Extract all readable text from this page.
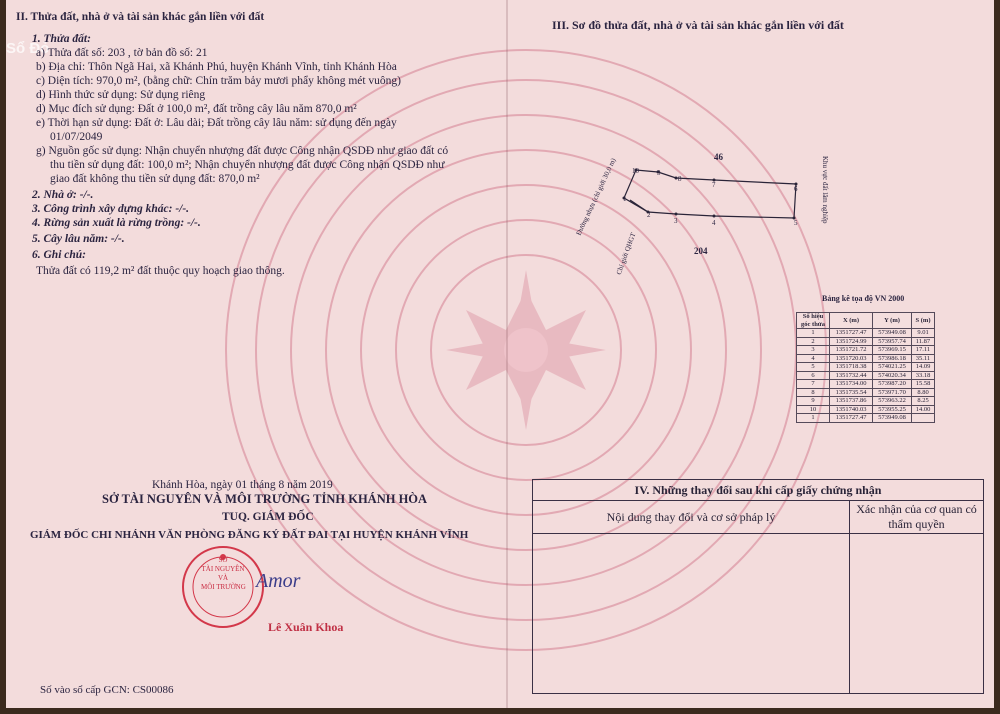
Sổ Đỏ
II. Thửa đất, nhà ở và tài sản khác gắn liền với đất
1. Thửa đất:
a) Thửa đất số: 203 , tờ bản đồ số: 21
b) Địa chỉ: Thôn Ngã Hai, xã Khánh Phú, huyện Khánh Vĩnh, tỉnh Khánh Hòa
c) Diện tích: 970,0 m², (bằng chữ: Chín trăm bảy mươi phẩy không mét vuông)
d) Hình thức sử dụng: Sử dụng riêng
d) Mục đích sử dụng: Đất ở 100,0 m², đất trồng cây lâu năm 870,0 m²
e) Thời hạn sử dụng: Đất ở: Lâu dài; Đất trồng cây lâu năm: sử dụng đến ngày
01/07/2049
g) Nguồn gốc sử dụng: Nhận chuyển nhượng đất được Công nhận QSDĐ như giao đất có
thu tiền sử dụng đất: 100,0 m²; Nhận chuyển nhượng đất được Công nhận QSDĐ như
giao đất không thu tiền sử dụng đất: 870,0 m²
2. Nhà ở: -/-.
3. Công trình xây dựng khác: -/-.
4. Rừng sản xuất là rừng trồng: -/-.
5. Cây lâu năm: -/-.
6. Ghi chú:
Thửa đất có 119,2 m² đất thuộc quy hoạch giao thông.
Khánh Hòa, ngày 01 tháng 8 năm 2019
SỞ TÀI NGUYÊN VÀ MÔI TRƯỜNG TỈNH KHÁNH HÒA
TUQ. GIÁM ĐỐC
GIÁM ĐỐC CHI NHÁNH VĂN PHÒNG ĐĂNG KÝ ĐẤT ĐAI TẠI HUYỆN KHÁNH VĨNH
SỞ
TÀI NGUYÊN
VÀ
MÔI TRƯỜNG Amor
Lê Xuân Khoa
Số vào sổ cấp GCN: CS00086
III. Sơ đồ thửa đất, nhà ở và tài sản khác gắn liền với đất
1
2
3	4	5
6
7
8
9
10
46
204
Đường nhựa (chỉ giới 30,0 m)
Chỉ giới QHGT
Khu vực đất lâm nghiệp
Bảng kê tọa độ VN 2000
Số hiệu góc thửa	X (m)	Y (m)	S (m)
1	1351727.47	573949.08	9.01
2	1351724.99	573957.74	11.87
3	1351721.72	573969.15	17.11
4	1351720.03	573986.18	35.11
5	1351718.38	574021.25	14.09
6	1351732.44	574020.34	33.18
7	1351734.00	573987.20	15.58
8	1351735.54	573971.70	8.80
9	1351737.86	573963.22	8.25
10	1351740.03	573955.25	14.00
1	1351727.47	573949.08	
IV. Những thay đổi sau khi cấp giấy chứng nhận
Nội dung thay đổi và cơ sở pháp lý
Xác nhận của cơ quan có thẩm quyền
